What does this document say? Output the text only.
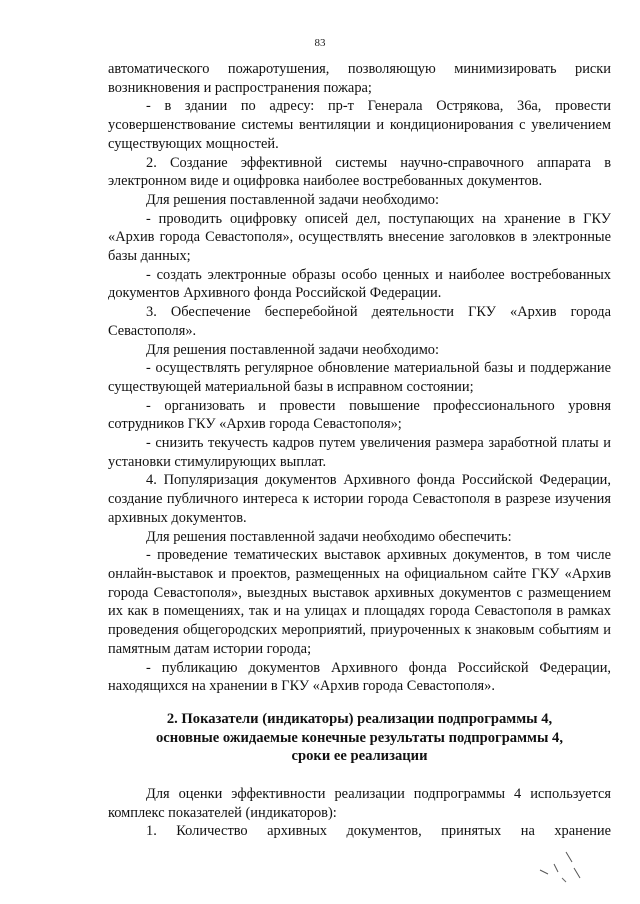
83

автоматического пожаротушения, позволяющую минимизировать риски возникновения и распространения пожара;

- в здании по адресу: пр-т Генерала Острякова, 36а, провести усовершенствование системы вентиляции и кондиционирования с увеличением существующих мощностей.

2. Создание эффективной системы научно-справочного аппарата в электронном виде и оцифровка наиболее востребованных документов.

Для решения поставленной задачи необходимо:

- проводить оцифровку описей дел, поступающих на хранение в ГКУ «Архив города Севастополя», осуществлять внесение заголовков в электронные базы данных;

- создать электронные образы особо ценных и наиболее востребованных документов Архивного фонда Российской Федерации.

3. Обеспечение бесперебойной деятельности ГКУ «Архив города Севастополя».

Для решения поставленной задачи необходимо:

- осуществлять регулярное обновление материальной базы и поддержание существующей материальной базы в исправном состоянии;

- организовать и провести повышение профессионального уровня сотрудников ГКУ «Архив города Севастополя»;

- снизить текучесть кадров путем увеличения размера заработной платы и установки стимулирующих выплат.

4. Популяризация документов Архивного фонда Российской Федерации, создание публичного интереса к истории города Севастополя в разрезе изучения архивных документов.

Для решения поставленной задачи необходимо обеспечить:

- проведение тематических выставок архивных документов, в том числе онлайн-выставок и проектов, размещенных на официальном сайте ГКУ «Архив города Севастополя», выездных выставок архивных документов с размещением их как в помещениях, так и на улицах и площадях города Севастополя в рамках проведения общегородских мероприятий, приуроченных к знаковым событиям и памятным датам истории города;

- публикацию документов Архивного фонда Российской Федерации, находящихся на хранении в ГКУ «Архив города Севастополя».

2. Показатели (индикаторы) реализации подпрограммы 4,
основные ожидаемые конечные результаты подпрограммы 4,
сроки ее реализации

Для оценки эффективности реализации подпрограммы 4 используется комплекс показателей (индикаторов):

1. Количество архивных документов, принятых на хранение
